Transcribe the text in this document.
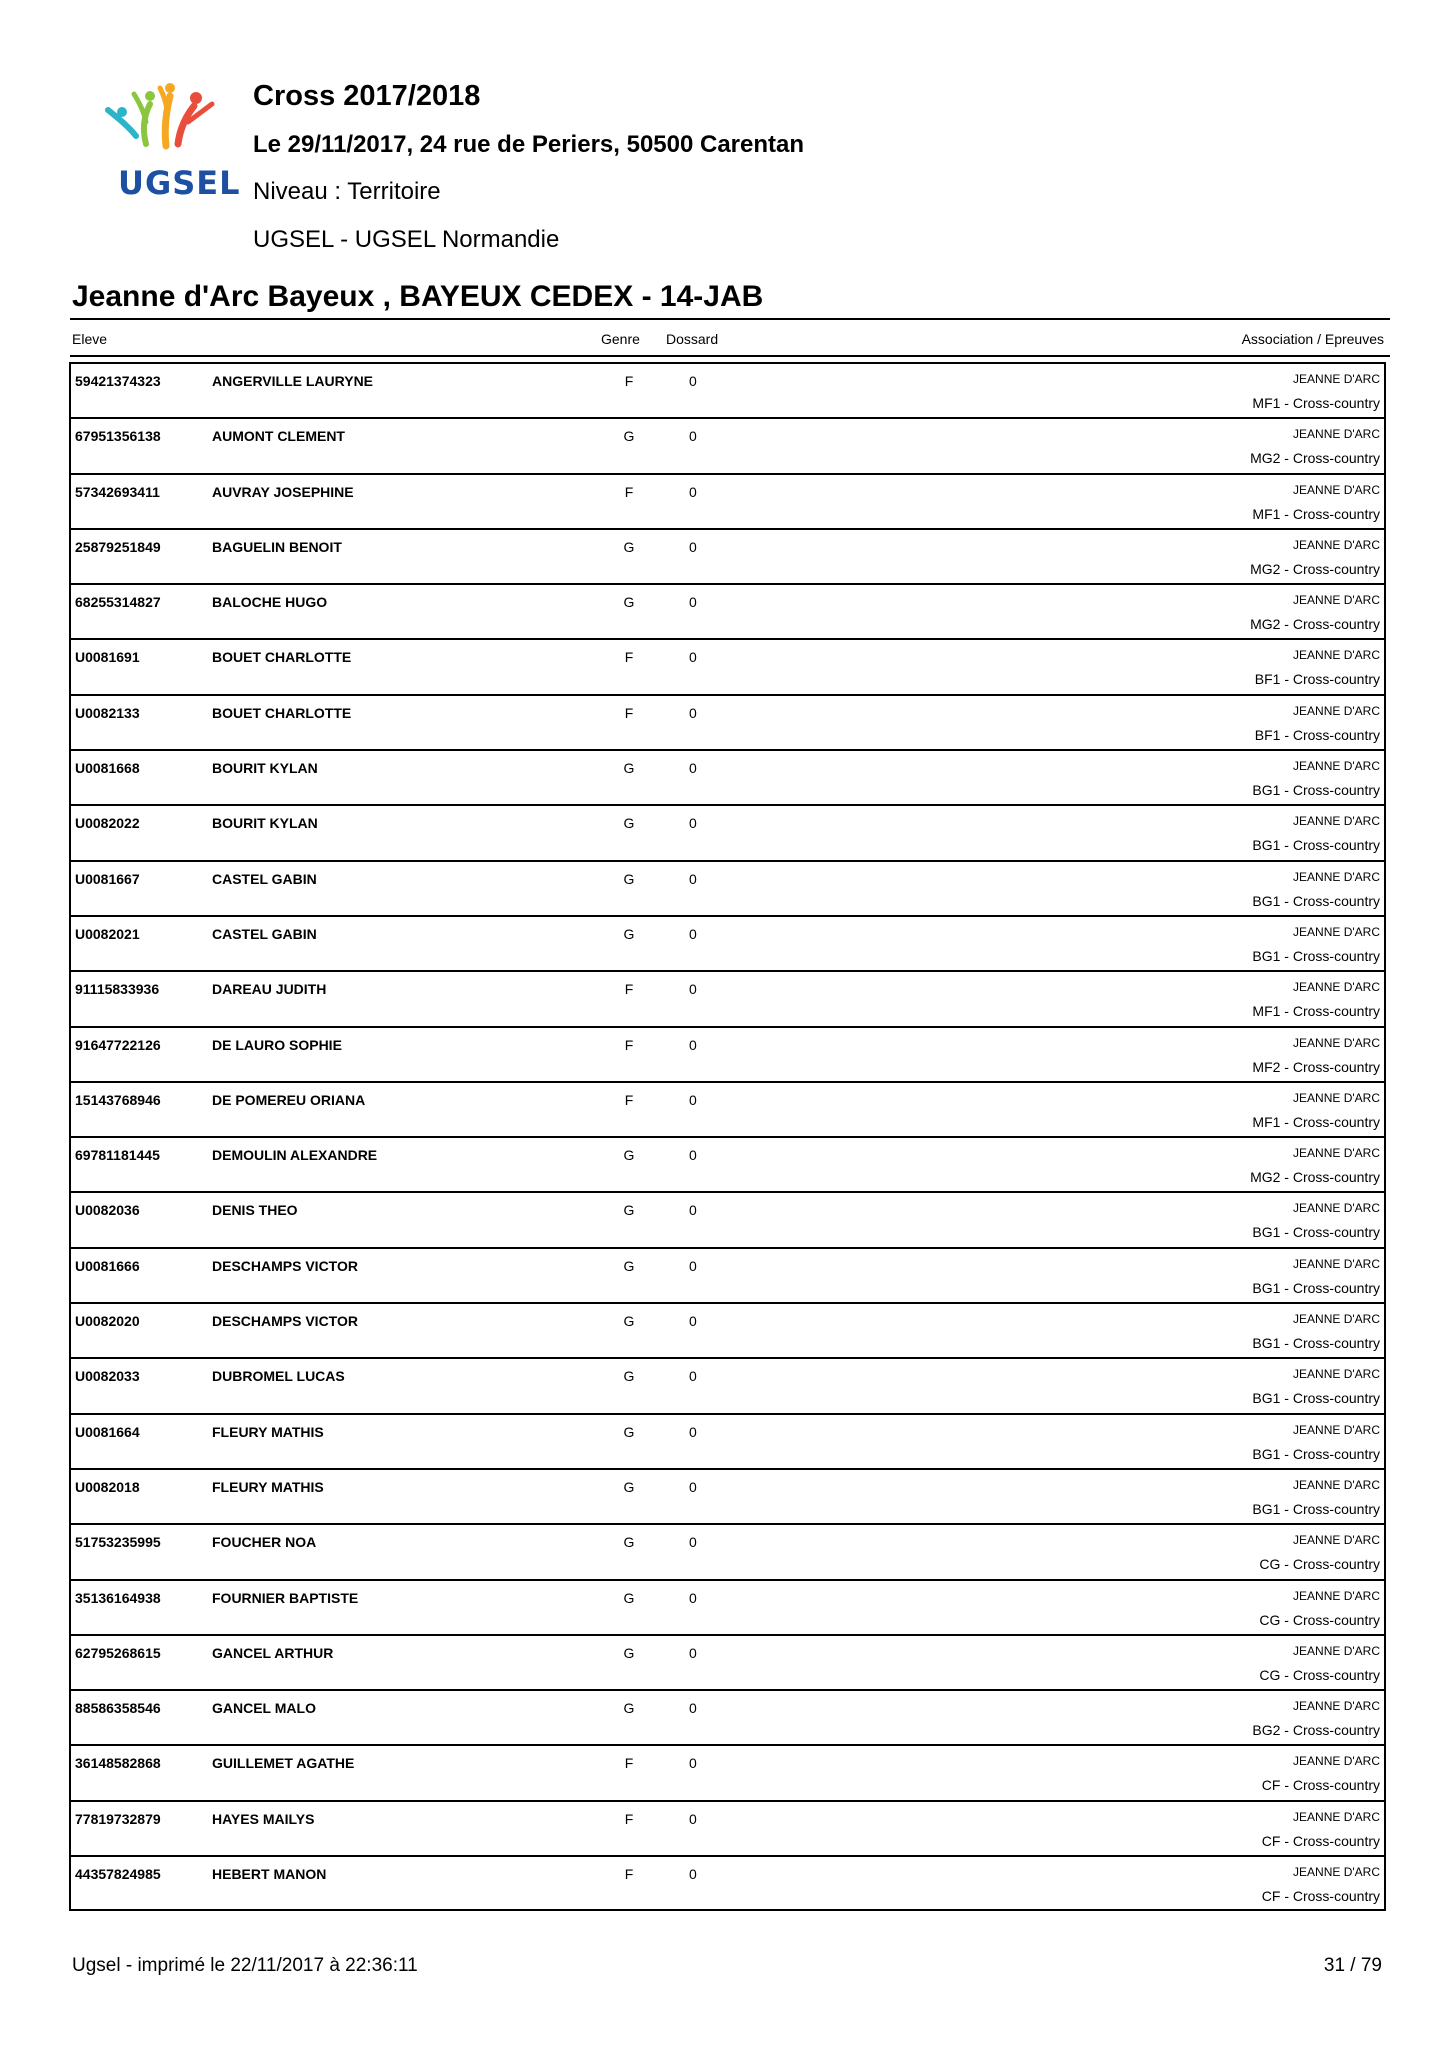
UGSEL
Cross 2017/2018
Le 29/11/2017, 24 rue de Periers, 50500 Carentan
Niveau : Territoire
UGSEL - UGSEL Normandie
Jeanne d'Arc Bayeux , BAYEUX CEDEX - 14-JAB
Eleve	Genre Dossard	Association / Epreuves
59421374323	ANGERVILLE LAURYNE	F	0	JEANNE D'ARC
MF1 - Cross-country
67951356138	AUMONT CLEMENT	G	0	JEANNE D'ARC
MG2 - Cross-country
57342693411	AUVRAY JOSEPHINE	F	0	JEANNE D'ARC
MF1 - Cross-country
25879251849	BAGUELIN BENOIT	G	0	JEANNE D'ARC
MG2 - Cross-country
68255314827	BALOCHE HUGO	G	0	JEANNE D'ARC
MG2 - Cross-country
U0081691	BOUET CHARLOTTE	F	0	JEANNE D'ARC
BF1 - Cross-country
U0082133	BOUET CHARLOTTE	F	0	JEANNE D'ARC
BF1 - Cross-country
U0081668	BOURIT KYLAN	G	0	JEANNE D'ARC
BG1 - Cross-country
U0082022	BOURIT KYLAN	G	0	JEANNE D'ARC
BG1 - Cross-country
U0081667	CASTEL GABIN	G	0	JEANNE D'ARC
BG1 - Cross-country
U0082021	CASTEL GABIN	G	0	JEANNE D'ARC
BG1 - Cross-country
91115833936	DAREAU JUDITH	F	0	JEANNE D'ARC
MF1 - Cross-country
91647722126	DE LAURO SOPHIE	F	0	JEANNE D'ARC
MF2 - Cross-country
15143768946	DE POMEREU ORIANA	F	0	JEANNE D'ARC
MF1 - Cross-country
69781181445	DEMOULIN ALEXANDRE	G	0	JEANNE D'ARC
MG2 - Cross-country
U0082036	DENIS THEO	G	0	JEANNE D'ARC
BG1 - Cross-country
U0081666	DESCHAMPS VICTOR	G	0	JEANNE D'ARC
BG1 - Cross-country
U0082020	DESCHAMPS VICTOR	G	0	JEANNE D'ARC
BG1 - Cross-country
U0082033	DUBROMEL LUCAS	G	0	JEANNE D'ARC
BG1 - Cross-country
U0081664	FLEURY MATHIS	G	0	JEANNE D'ARC
BG1 - Cross-country
U0082018	FLEURY MATHIS	G	0	JEANNE D'ARC
BG1 - Cross-country
51753235995	FOUCHER NOA	G	0	JEANNE D'ARC
CG - Cross-country
35136164938	FOURNIER BAPTISTE	G	0	JEANNE D'ARC
CG - Cross-country
62795268615	GANCEL ARTHUR	G	0	JEANNE D'ARC
CG - Cross-country
88586358546	GANCEL MALO	G	0	JEANNE D'ARC
BG2 - Cross-country
36148582868	GUILLEMET AGATHE	F	0	JEANNE D'ARC
CF - Cross-country
77819732879	HAYES MAILYS	F	0	JEANNE D'ARC
CF - Cross-country
44357824985	HEBERT MANON	F	0	JEANNE D'ARC
CF - Cross-country
Ugsel - imprimé le 22/11/2017 à 22:36:11	31 / 79
